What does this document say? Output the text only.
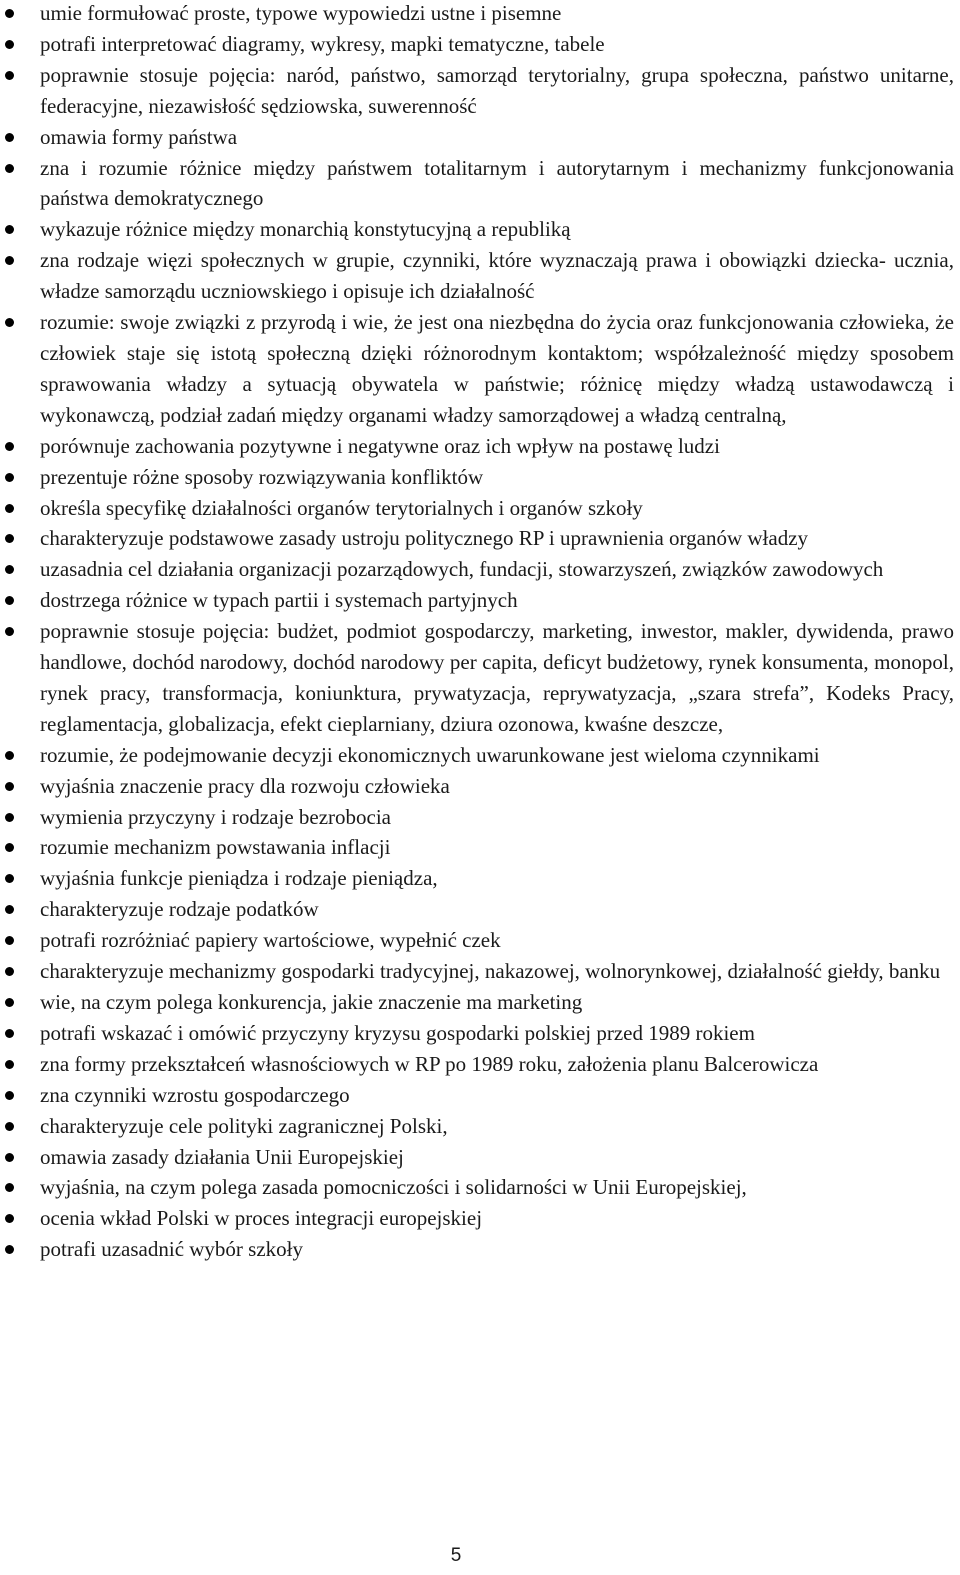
umie formułować proste, typowe wypowiedzi ustne i pisemne
potrafi interpretować diagramy, wykresy, mapki tematyczne, tabele
poprawnie stosuje pojęcia: naród, państwo, samorząd terytorialny, grupa społeczna, państwo unitarne, federacyjne, niezawisłość sędziowska, suwerenność
omawia formy państwa
zna i rozumie różnice między państwem totalitarnym i autorytarnym i mechanizmy funkcjonowania państwa demokratycznego
wykazuje różnice między monarchią konstytucyjną a republiką
zna rodzaje więzi społecznych w grupie, czynniki, które wyznaczają prawa i obowiązki dziecka- ucznia, władze samorządu uczniowskiego i opisuje ich działalność
rozumie: swoje związki z przyrodą i wie, że jest ona niezbędna do życia oraz funkcjonowania człowieka, że człowiek staje się istotą społeczną dzięki różnorodnym kontaktom; współzależność między sposobem sprawowania władzy a sytuacją obywatela w państwie; różnicę między władzą ustawodawczą i wykonawczą, podział zadań między organami władzy samorządowej a władzą centralną,
porównuje zachowania pozytywne i negatywne oraz ich wpływ na postawę ludzi
prezentuje różne sposoby rozwiązywania konfliktów
określa specyfikę działalności organów terytorialnych i organów szkoły
charakteryzuje podstawowe zasady ustroju politycznego RP i uprawnienia organów władzy
uzasadnia cel działania organizacji pozarządowych, fundacji, stowarzyszeń, związków zawodowych
dostrzega różnice w typach partii i systemach partyjnych
poprawnie stosuje pojęcia: budżet, podmiot gospodarczy, marketing, inwestor, makler, dywidenda, prawo handlowe, dochód narodowy, dochód narodowy per capita, deficyt budżetowy, rynek konsumenta, monopol, rynek pracy, transformacja, koniunktura, prywatyzacja, reprywatyzacja, „szara strefa”, Kodeks Pracy, reglamentacja, globalizacja, efekt cieplarniany, dziura ozonowa, kwaśne deszcze,
rozumie, że podejmowanie decyzji ekonomicznych uwarunkowane jest wieloma czynnikami
wyjaśnia znaczenie pracy dla rozwoju człowieka
wymienia przyczyny i rodzaje bezrobocia
rozumie mechanizm powstawania inflacji
wyjaśnia funkcje pieniądza i rodzaje pieniądza,
charakteryzuje rodzaje podatków
potrafi rozróżniać papiery wartościowe, wypełnić czek
charakteryzuje mechanizmy gospodarki tradycyjnej, nakazowej, wolnorynkowej, działalność giełdy, banku
wie, na czym polega konkurencja, jakie znaczenie ma marketing
potrafi wskazać i omówić przyczyny kryzysu gospodarki polskiej przed 1989 rokiem
zna formy przekształceń własnościowych w RP po 1989 roku, założenia planu Balcerowicza
zna czynniki wzrostu gospodarczego
charakteryzuje cele polityki zagranicznej Polski,
omawia zasady działania Unii Europejskiej
wyjaśnia, na czym polega zasada pomocniczości i solidarności w Unii Europejskiej,
ocenia wkład Polski w proces integracji europejskiej
potrafi uzasadnić wybór szkoły
5
